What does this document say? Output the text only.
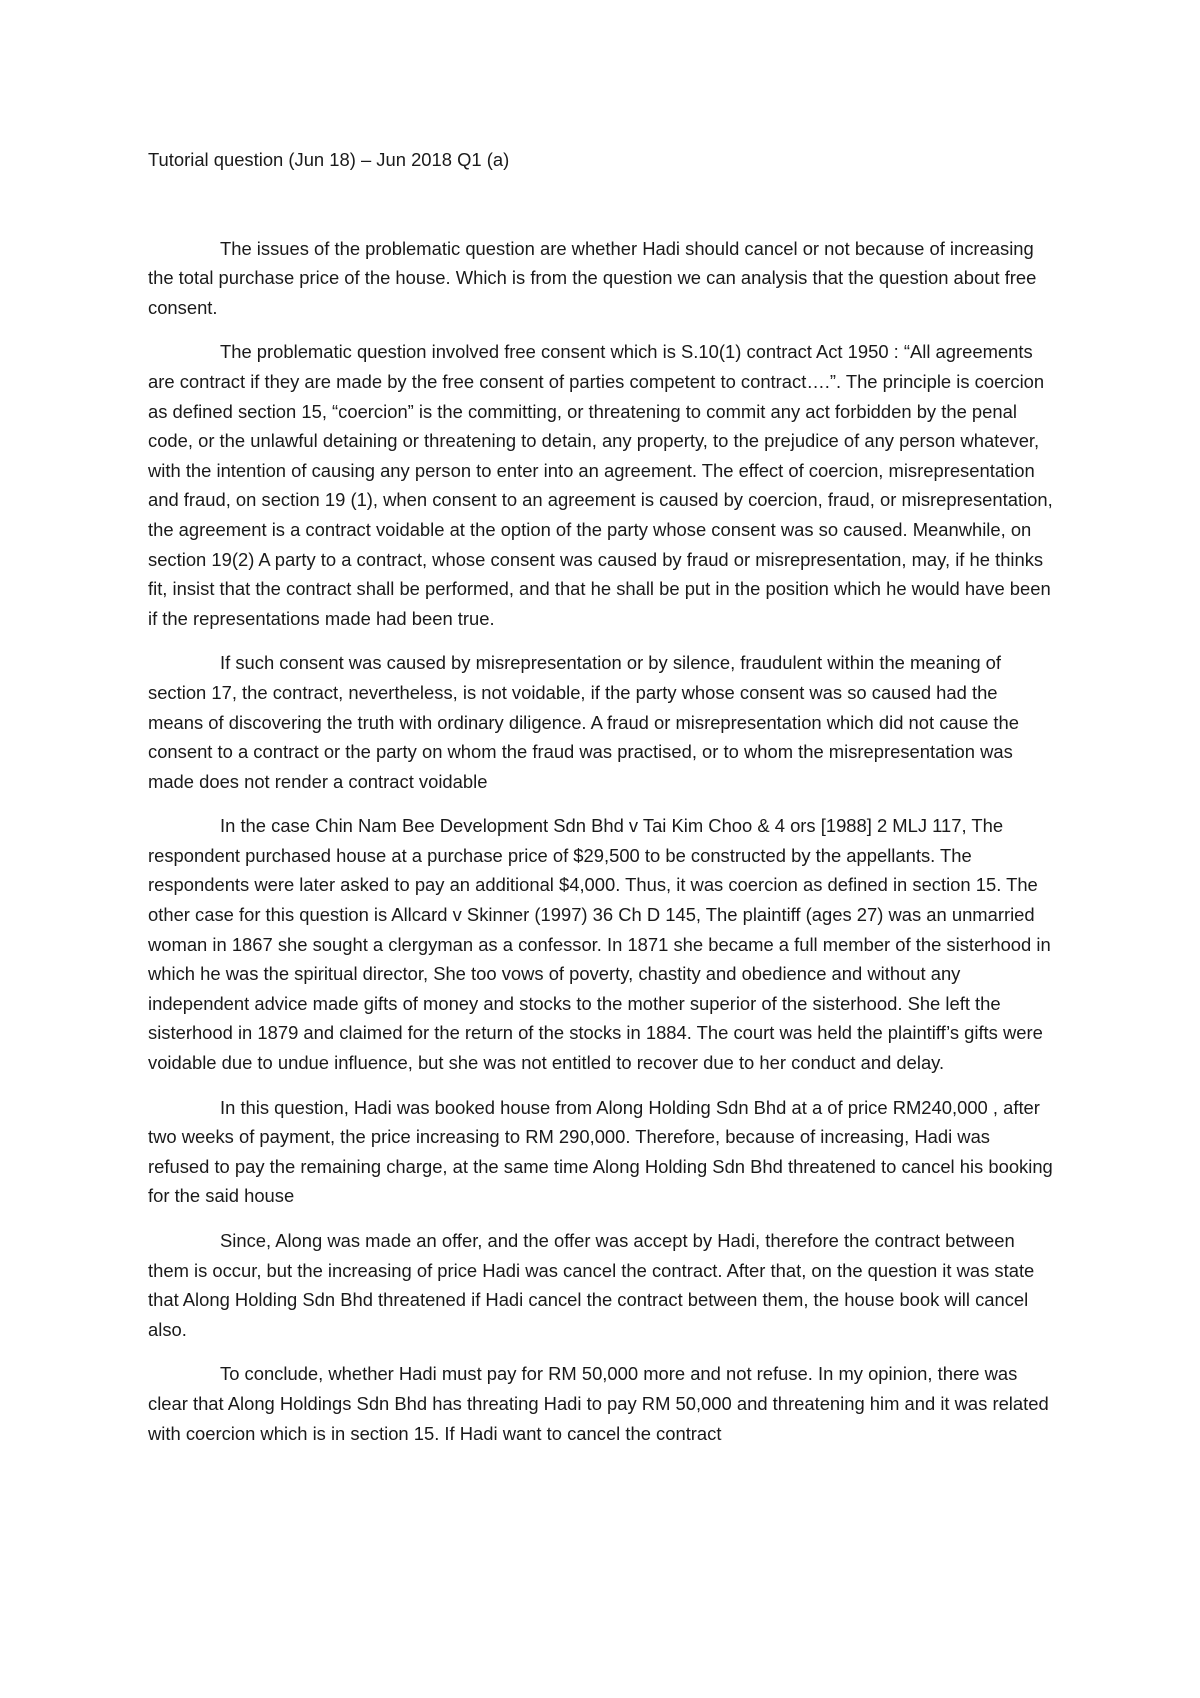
Tutorial question (Jun 18) – Jun 2018 Q1 (a)

The issues of the problematic question are whether Hadi should cancel or not because of increasing the total purchase price of the house. Which is from the question we can analysis that the question about free consent.

The problematic question involved free consent which is S.10(1) contract Act 1950 : “All agreements are contract if they are made by the free consent of parties competent to contract….”. The principle is coercion as defined section 15, “coercion” is the committing, or threatening to commit any act forbidden by the penal code, or the unlawful detaining or threatening to detain, any property, to the prejudice of any person whatever, with the intention of causing any person to enter into an agreement. The effect of coercion, misrepresentation and fraud, on section 19 (1), when consent to an agreement is caused by coercion, fraud, or misrepresentation, the agreement is a contract voidable at the option of the party whose consent was so caused. Meanwhile, on section 19(2) A party to a contract, whose consent was caused by fraud or misrepresentation, may, if he thinks fit, insist that the contract shall be performed, and that he shall be put in the position which he would have been if the representations made had been true.

If such consent was caused by misrepresentation or by silence, fraudulent within the meaning of section 17, the contract, nevertheless, is not voidable, if the party whose consent was so caused had the means of discovering the truth with ordinary diligence. A fraud or misrepresentation which did not cause the consent to a contract or the party on whom the fraud was practised, or to whom the misrepresentation was made does not render a contract voidable

In the case Chin Nam Bee Development Sdn Bhd v Tai Kim Choo & 4 ors [1988] 2 MLJ 117, The respondent purchased house at a purchase price of $29,500 to be constructed by the appellants. The respondents were later asked to pay an additional $4,000. Thus, it was coercion as defined in section 15. The other case for this question is Allcard v Skinner (1997) 36 Ch D 145, The plaintiff (ages 27) was an unmarried woman in 1867 she sought a clergyman as a confessor. In 1871 she became a full member of the sisterhood in which he was the spiritual director, She too vows of poverty, chastity and obedience and without any independent advice made gifts of money and stocks to the mother superior of the sisterhood. She left the sisterhood in 1879 and claimed for the return of the stocks in 1884. The court was held the plaintiff’s gifts were voidable due to undue influence, but she was not entitled to recover due to her conduct and delay.

In this question, Hadi was booked house from Along Holding Sdn Bhd at a of price RM240,000 , after two weeks of payment, the price increasing to RM 290,000. Therefore, because of increasing, Hadi was refused to pay the remaining charge, at the same time Along Holding Sdn Bhd threatened to cancel his booking for the said house

Since, Along was made an offer, and the offer was accept by Hadi, therefore the contract between them is occur, but the increasing of price Hadi was cancel the contract. After that, on the question it was state that Along Holding Sdn Bhd threatened if Hadi cancel the contract between them, the house book will cancel also.

To conclude, whether Hadi must pay for RM 50,000 more and not refuse. In my opinion, there was clear that Along Holdings Sdn Bhd has threating Hadi to pay RM 50,000 and threatening him and it was related with coercion which is in section 15. If Hadi want to cancel the contract
